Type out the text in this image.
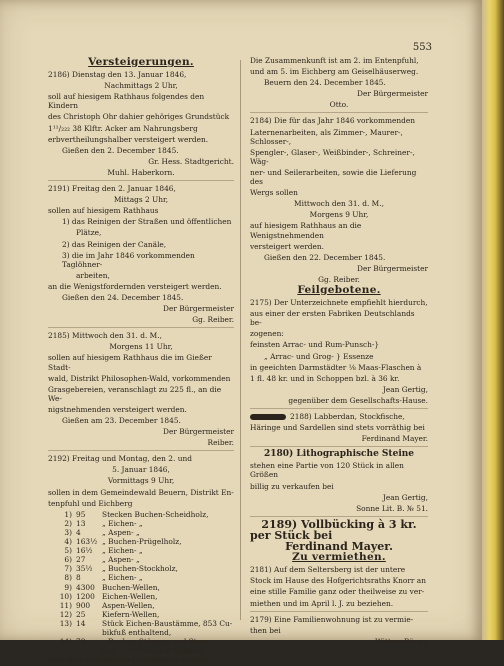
553
Versteigerungen.

2186) Dienstag den 13. Januar 1846,

Nachmittags 2 Uhr,

soll auf hiesigem Rathhaus folgendes den Kindern

des Christoph Ohr dahier gehöriges Grundstück

1¹¹/₂₂₂ 38 Klftr. Acker am Nahrungsberg

erbvertheilungshalber versteigert werden.

Gießen den 2. December 1845.

Gr. Hess. Stadtgericht.

Muhl. Haberkorn.

2191) Freitag den 2. Januar 1846,

Mittags 2 Uhr,

sollen auf hiesigem Rathhaus

1) das Reinigen der Straßen und öffentlichen

Plätze,

2) das Reinigen der Canäle,

3) die im Jahr 1846 vorkommenden Taglöhner-

arbeiten,

an die Wenigstfordernden versteigert werden.

Gießen den 24. December 1845.

Der Bürgermeister

Gg. Reiber.

2185) Mittwoch den 31. d. M.,

Morgens 11 Uhr,

sollen auf hiesigem Rathhaus die im Gießer Stadt-

wald, Distrikt Philosophen-Wald, vorkommenden

Grasgebereien, veranschlagt zu 225 fl., an die We-

nigstnehmenden versteigert werden.

Gießen am 23. December 1845.

Der Bürgermeister

Reiber.

2192) Freitag und Montag, den 2. und

5. Januar 1846,

Vormittags 9 Uhr,

sollen in dem Gemeindewald Beuern, Distrikt En-

tenpfuhl und Eichberg

1) 95	Stecken Buchen-Scheidholz,
2) 13	„ Eichen- „
3) 4	„ Aspen- „
4) 163½ „ Buchen-Prügelholz,
5) 16½	„ Eichen- „
6) 27	„ Aspen- „
7) 35½	„ Buchen-Stockholz,
8) 8	„ Eichen- „
9) 4300 Buchen-Wellen,
10) 1200 Eichen-Wellen,
11) 900	Aspen-Wellen,
12) 25	Kiefern-Wellen,
13) 14	Stück Eichen-Baustämme, 853 Cu-
bikfuß enthaltend,
14) 78	„ Buchen-Stämme und Stan-
gen, 270 Cubikfuß haltend,

öffentlich meistbietend versteigert werden.

Die Zusammenkunft ist am 2. im Entenpfuhl,

und am 5. im Eichberg am Geiselhäuserweg.

Beuern den 24. December 1845.

Der Bürgermeister

Otto.

2184) Die für das Jahr 1846 vorkommenden

Laternenarbeiten, als Zimmer-, Maurer-, Schlosser-,

Spengler-, Glaser-, Weißbinder-, Schreiner-, Wäg-

ner- und Seilerarbeiten, sowie die Lieferung des

Wergs sollen

Mittwoch den 31. d. M.,

Morgens 9 Uhr,

auf hiesigem Rathhaus an die Wenigstnehmenden

versteigert werden.

Gießen den 22. December 1845.

Der Bürgermeister

Gg. Reiber.

Feilgebotene.

2175) Der Unterzeichnete empfiehlt hierdurch,

aus einer der ersten Fabriken Deutschlands be-

zogenen:

feinsten Arrac- und Rum-Punsch-}

„ Arrac- und Grog- } Essenze

in geeichten Darmstädter ⅛ Maas-Flaschen à

1 fl. 48 kr. und in Schoppen bzl. à 36 kr.

Jean Gertig,

gegenüber dem Gesellschafts-Hause.

2188) Labberdan, Stockfische,

Häringe und Sardellen sind stets vorräthig bei

Ferdinand Mayer.

2180) Lithographische Steine

stehen eine Partie von 120 Stück in allen Größen

billig zu verkaufen bei

Jean Gertig,

Sonne Lit. B. № 51.

2189) Vollbücking à 3 kr.

per Stück bei

Ferdinand Mayer.

Zu vermiethen.

2181) Auf dem Seltersberg ist der untere

Stock im Hause des Hofgerichtsraths Knorr an

eine stille Familie ganz oder theilweise zu ver-

miethen und im April l. J. zu beziehen.

2179) Eine Familienwohnung ist zu vermie-

then bei

Wittwe Bürgy.
